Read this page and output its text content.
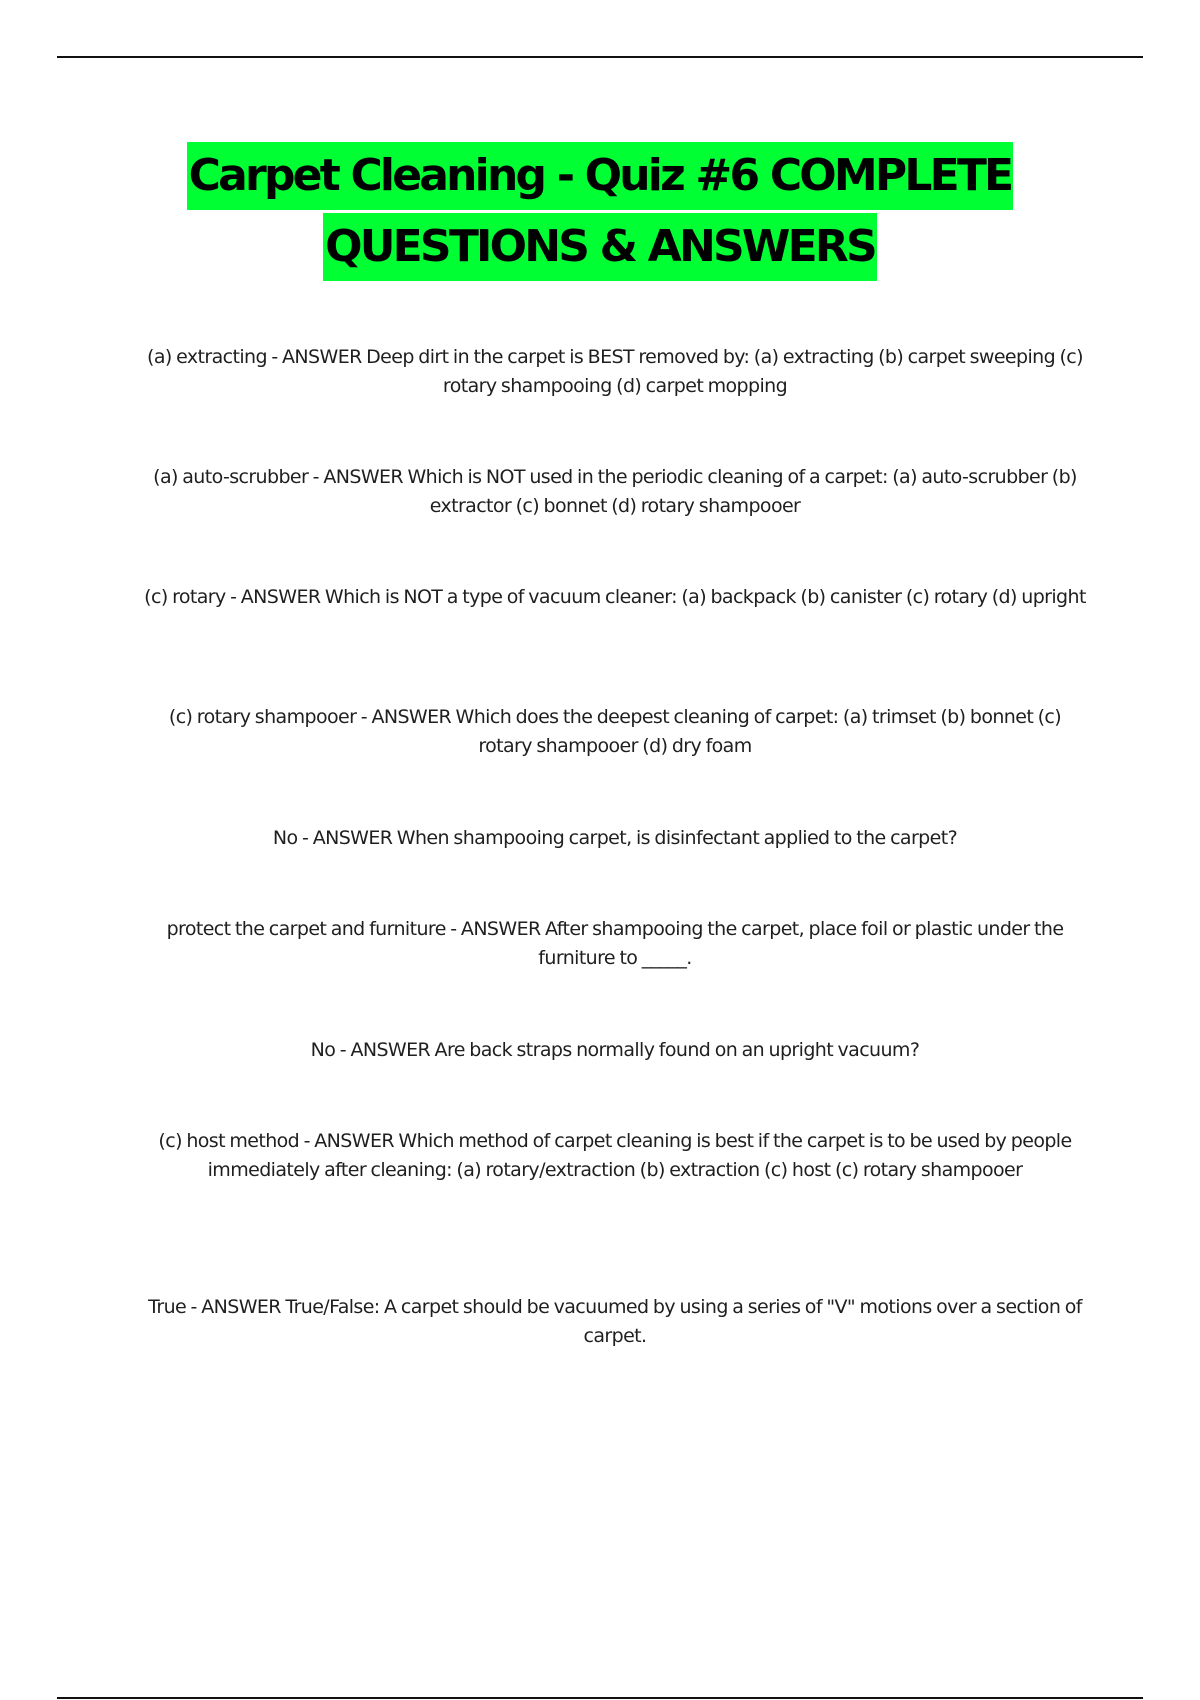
Carpet Cleaning - Quiz #6 COMPLETE
QUESTIONS & ANSWERS

(a) extracting - ANSWER Deep dirt in the carpet is BEST removed by: (a) extracting (b) carpet sweeping (c) rotary shampooing (d) carpet mopping

(a) auto-scrubber - ANSWER Which is NOT used in the periodic cleaning of a carpet: (a) auto-scrubber (b) extractor (c) bonnet (d) rotary shampooer

(c) rotary - ANSWER Which is NOT a type of vacuum cleaner: (a) backpack (b) canister (c) rotary (d) upright

(c) rotary shampooer - ANSWER Which does the deepest cleaning of carpet: (a) trimset (b) bonnet (c) rotary shampooer (d) dry foam

No - ANSWER When shampooing carpet, is disinfectant applied to the carpet?

protect the carpet and furniture - ANSWER After shampooing the carpet, place foil or plastic under the furniture to _____.

No - ANSWER Are back straps normally found on an upright vacuum?

(c) host method - ANSWER Which method of carpet cleaning is best if the carpet is to be used by people immediately after cleaning: (a) rotary/extraction (b) extraction (c) host (c) rotary shampooer

True - ANSWER True/False: A carpet should be vacuumed by using a series of "V" motions over a section of carpet.
